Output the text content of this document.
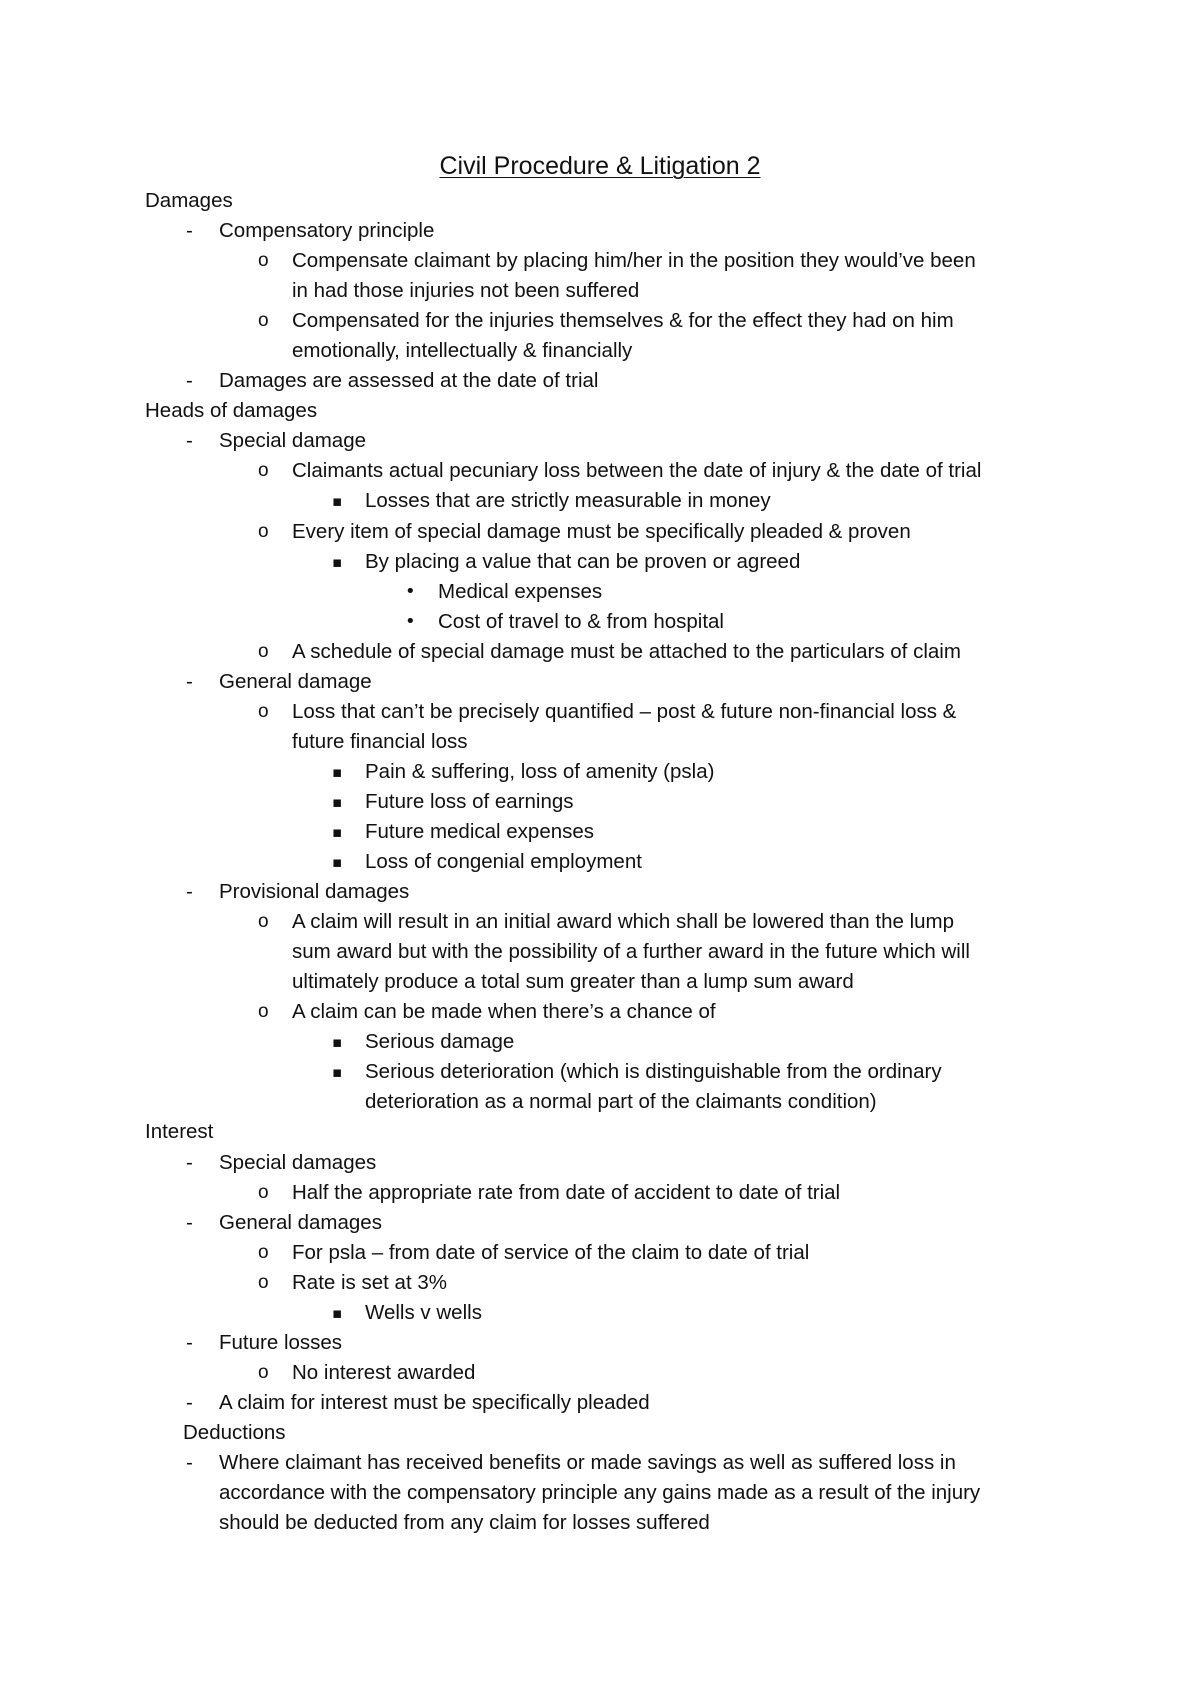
Civil Procedure & Litigation 2
Damages
- Compensatory principle
o Compensate claimant by placing him/her in the position they would’ve been
in had those injuries not been suffered
o Compensated for the injuries themselves & for the effect they had on him
emotionally, intellectually & financially
- Damages are assessed at the date of trial
Heads of damages
- Special damage
o Claimants actual pecuniary loss between the date of injury & the date of trial
▪ Losses that are strictly measurable in money
o Every item of special damage must be specifically pleaded & proven
▪ By placing a value that can be proven or agreed
• Medical expenses
• Cost of travel to & from hospital
o A schedule of special damage must be attached to the particulars of claim
- General damage
o Loss that can’t be precisely quantified – post & future non-financial loss &
future financial loss
▪ Pain & suffering, loss of amenity (psla)
▪ Future loss of earnings
▪ Future medical expenses
▪ Loss of congenial employment
- Provisional damages
o A claim will result in an initial award which shall be lowered than the lump
sum award but with the possibility of a further award in the future which will
ultimately produce a total sum greater than a lump sum award
o A claim can be made when there’s a chance of
▪ Serious damage
▪ Serious deterioration (which is distinguishable from the ordinary
deterioration as a normal part of the claimants condition)
Interest
- Special damages
o Half the appropriate rate from date of accident to date of trial
- General damages
o For psla – from date of service of the claim to date of trial
o Rate is set at 3%
▪ Wells v wells
- Future losses
o No interest awarded
- A claim for interest must be specifically pleaded
Deductions
- Where claimant has received benefits or made savings as well as suffered loss in
accordance with the compensatory principle any gains made as a result of the injury
should be deducted from any claim for losses suffered
